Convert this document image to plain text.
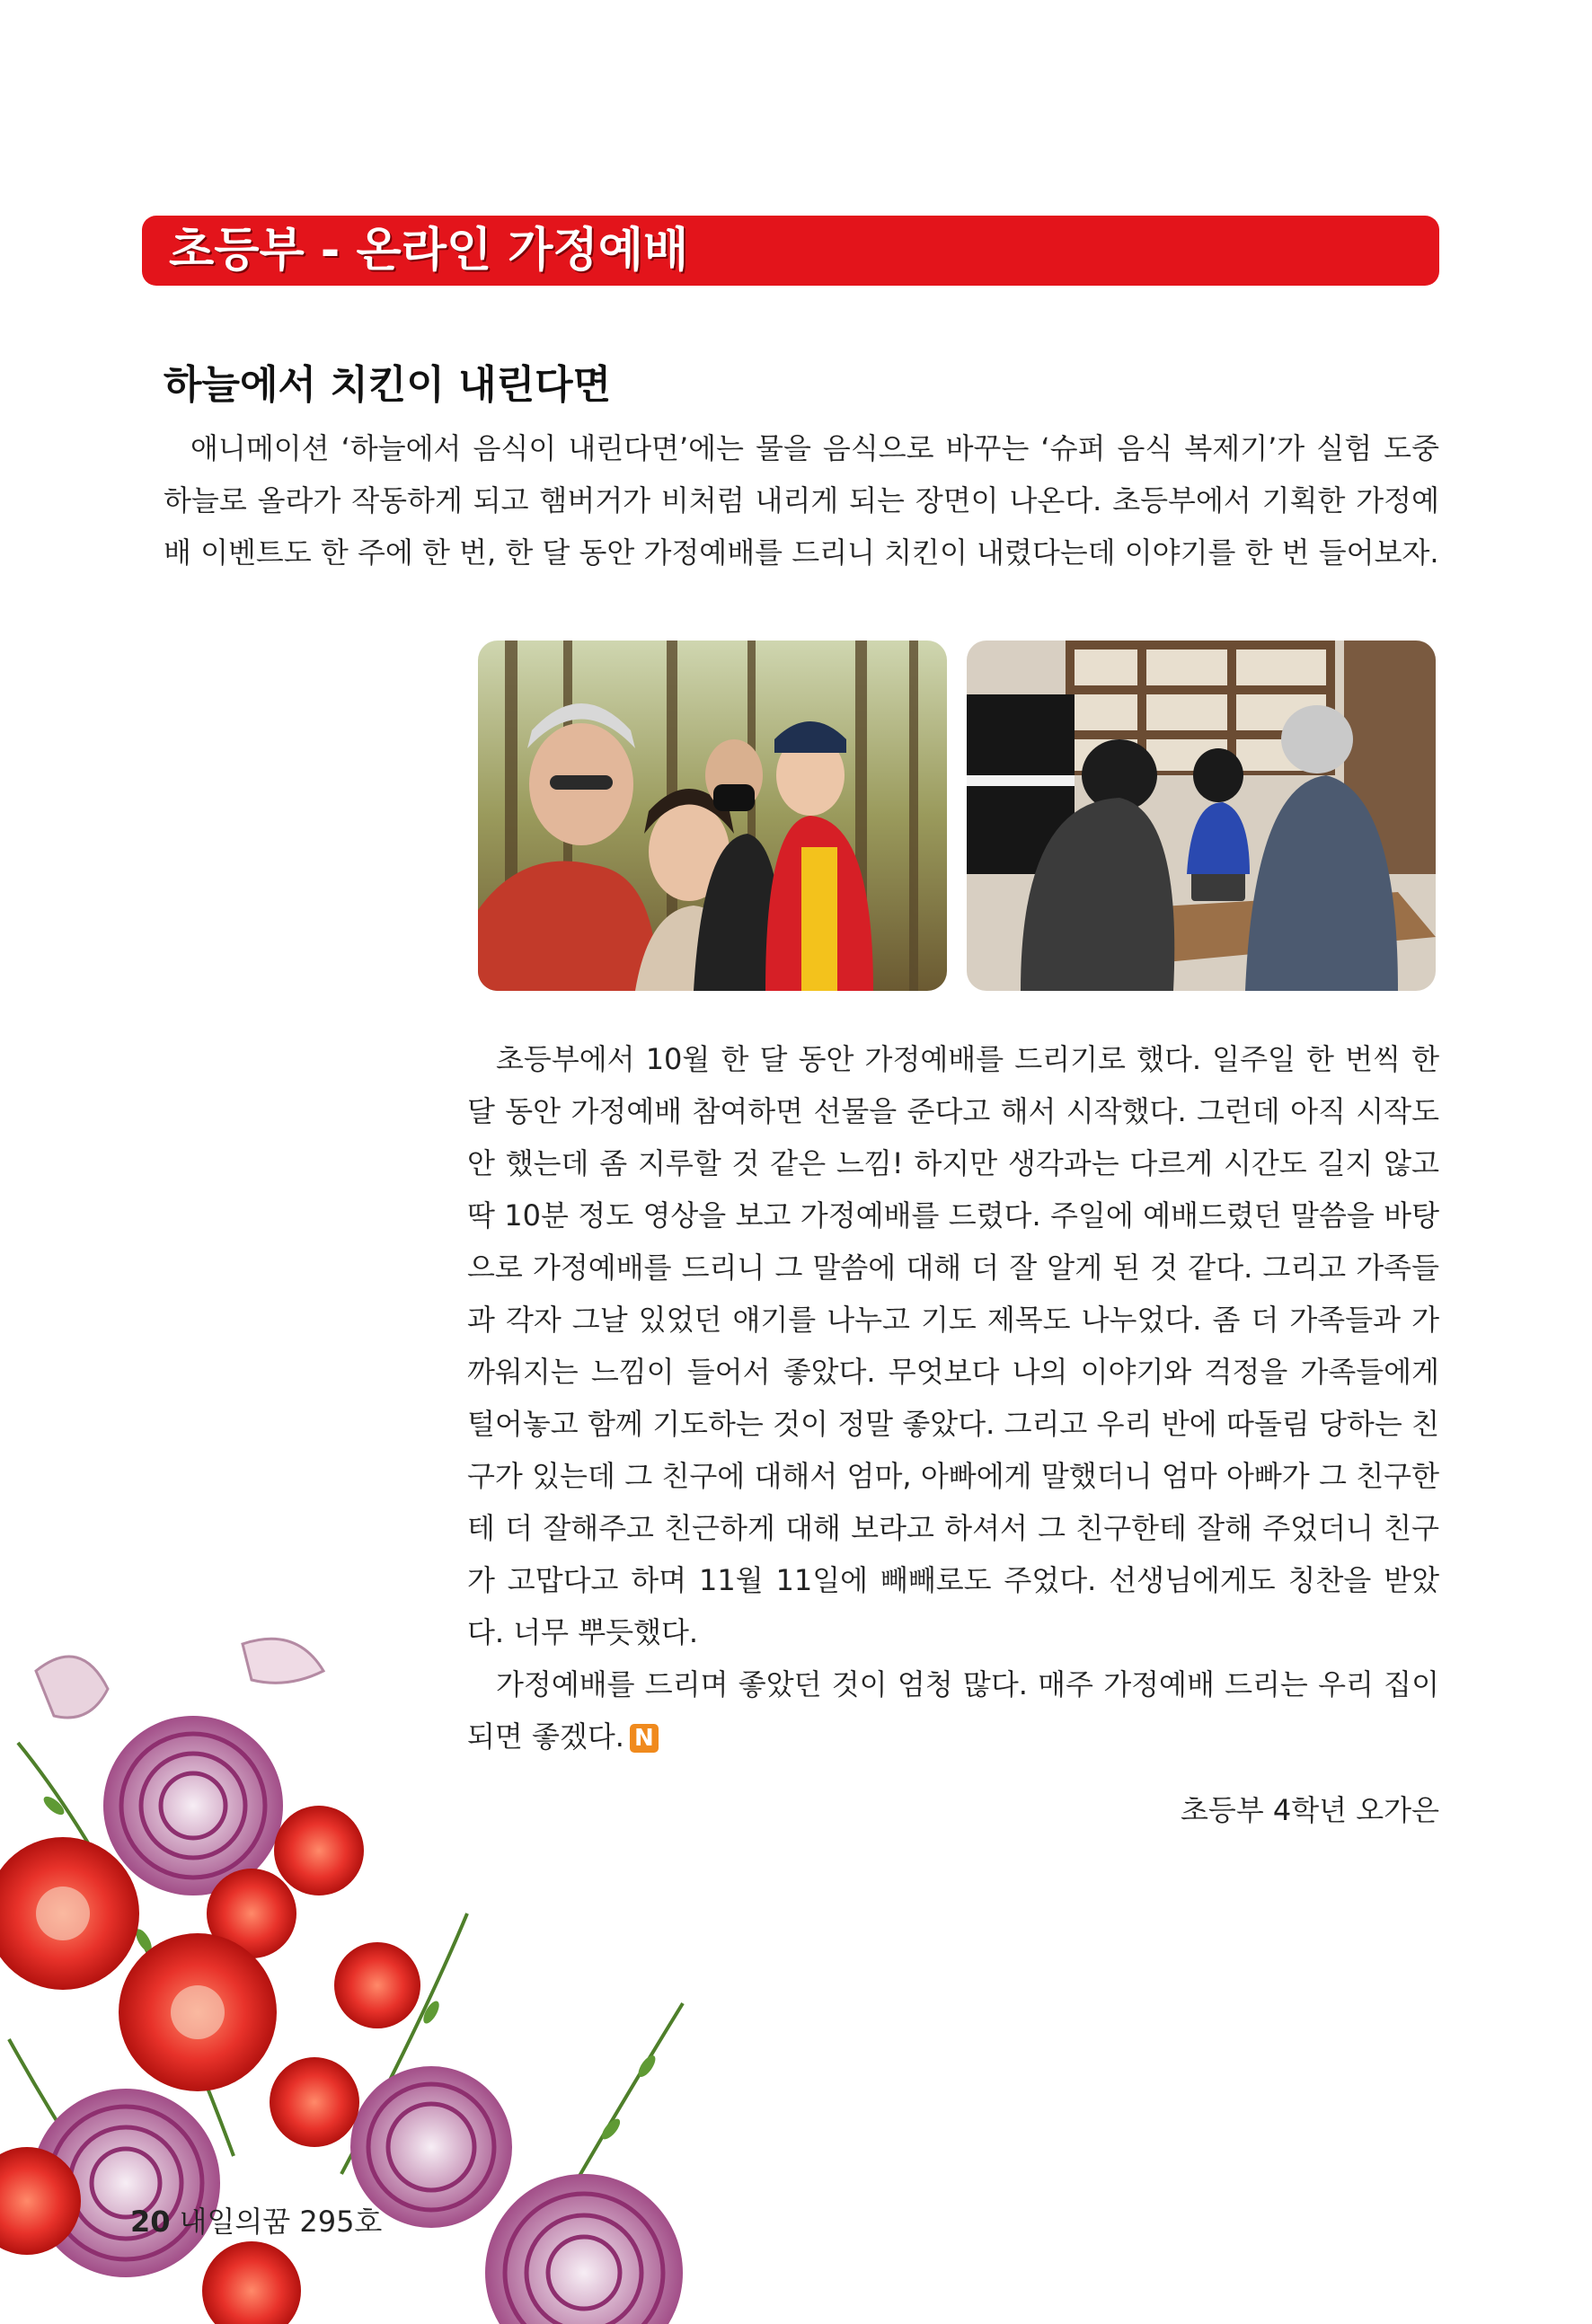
초등부 - 온라인 가정예배
하늘에서 치킨이 내린다면

애니메이션 ‘하늘에서 음식이 내린다면’에는 물을 음식으로 바꾸는 ‘슈퍼 음식 복제기’가 실험 도중 하늘로 올라가 작동하게 되고 햄버거가 비처럼 내리게 되는 장면이 나온다. 초등부에서 기획한 가정예배 이벤트도 한 주에 한 번, 한 달 동안 가정예배를 드리니 치킨이 내렸다는데 이야기를 한 번 들어보자.

초등부에서 10월 한 달 동안 가정예배를 드리기로 했다. 일주일 한 번씩 한 달 동안 가정예배 참여하면 선물을 준다고 해서 시작했다. 그런데 아직 시작도 안 했는데 좀 지루할 것 같은 느낌! 하지만 생각과는 다르게 시간도 길지 않고 딱 10분 정도 영상을 보고 가정예배를 드렸다. 주일에 예배드렸던 말씀을 바탕으로 가정예배를 드리니 그 말씀에 대해 더 잘 알게 된 것 같다. 그리고 가족들과 각자 그날 있었던 얘기를 나누고 기도 제목도 나누었다. 좀 더 가족들과 가까워지는 느낌이 들어서 좋았다. 무엇보다 나의 이야기와 걱정을 가족들에게 털어놓고 함께 기도하는 것이 정말 좋았다. 그리고 우리 반에 따돌림 당하는 친구가 있는데 그 친구에 대해서 엄마, 아빠에게 말했더니 엄마 아빠가 그 친구한테 더 잘해주고 친근하게 대해 보라고 하셔서 그 친구한테 잘해 주었더니 친구가 고맙다고 하며 11월 11일에 빼빼로도 주었다. 선생님에게도 칭찬을 받았다. 너무 뿌듯했다.

가정예배를 드리며 좋았던 것이 엄청 많다. 매주 가정예배 드리는 우리 집이 되면 좋겠다. N

초등부 4학년 오가은
20 내일의꿈 295호
